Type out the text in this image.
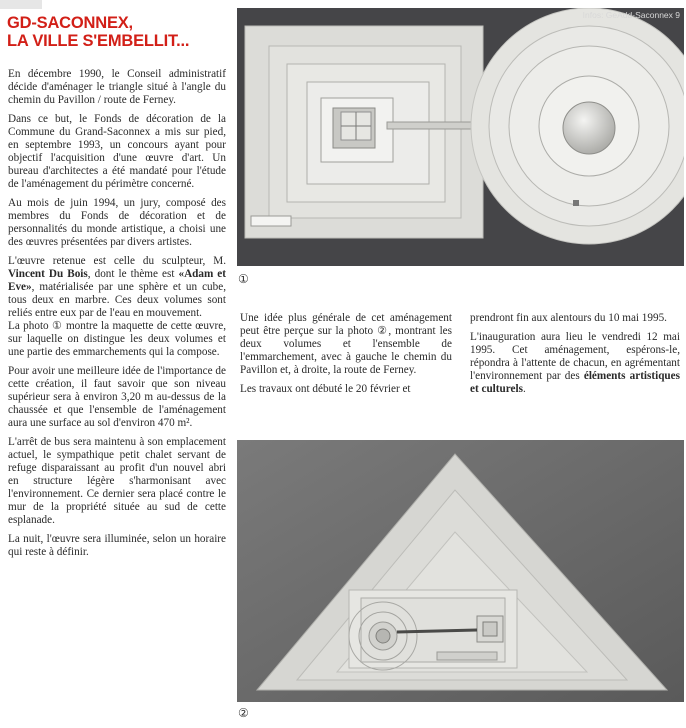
GD-SACONNEX,
LA VILLE S'EMBELLIT...

En décembre 1990, le Conseil administratif décide d'aménager le triangle situé à l'angle du chemin du Pavillon / route de Ferney.

Dans ce but, le Fonds de décoration de la Commune du Grand-Saconnex a mis sur pied, en septembre 1993, un concours ayant pour objectif l'acquisition d'une œuvre d'art. Un bureau d'architectes a été mandaté pour l'étude de l'aménagement du périmètre concerné.

Au mois de juin 1994, un jury, composé des membres du Fonds de décoration et de personnalités du monde artistique, a choisi une des œuvres présentées par divers artistes.

L'œuvre retenue est celle du sculpteur, M. Vincent Du Bois, dont le thème est «Adam et Eve», matérialisée par une sphère et un cube, tous deux en marbre. Ces deux volumes sont reliés entre eux par de l'eau en mouvement.

La photo ① montre la maquette de cette œuvre, sur laquelle on distingue les deux volumes et une partie des emmarchements qui la compose.

Pour avoir une meilleure idée de l'importance de cette création, il faut savoir que son niveau supérieur sera à environ 3,20 m au-dessus de la chaussée et que l'ensemble de l'aménagement aura une surface au sol d'environ 470 m².

L'arrêt de bus sera maintenu à son emplacement actuel, le sympathique petit chalet servant de refuge disparaissant au profit d'un nouvel abri en structure légère s'harmonisant avec l'environnement. Ce dernier sera placé contre le mur de la propriété située au sud de cette esplanade.

La nuit, l'œuvre sera illuminée, selon un horaire qui reste à définir.

Infos: GeAdd-Saconnex 9
①

Une idée plus générale de cet aménagement peut être perçue sur la photo ②, montrant les deux volumes et l'ensemble de l'emmarchement, avec à gauche le chemin du Pavillon et, à droite, la route de Ferney.

Les travaux ont débuté le 20 février et

prendront fin aux alentours du 10 mai 1995.

L'inauguration aura lieu le vendredi 12 mai 1995. Cet aménagement, espérons-le, répondra à l'attente de chacun, en agrémentant l'environnement par des éléments artistiques et culturels.

②
